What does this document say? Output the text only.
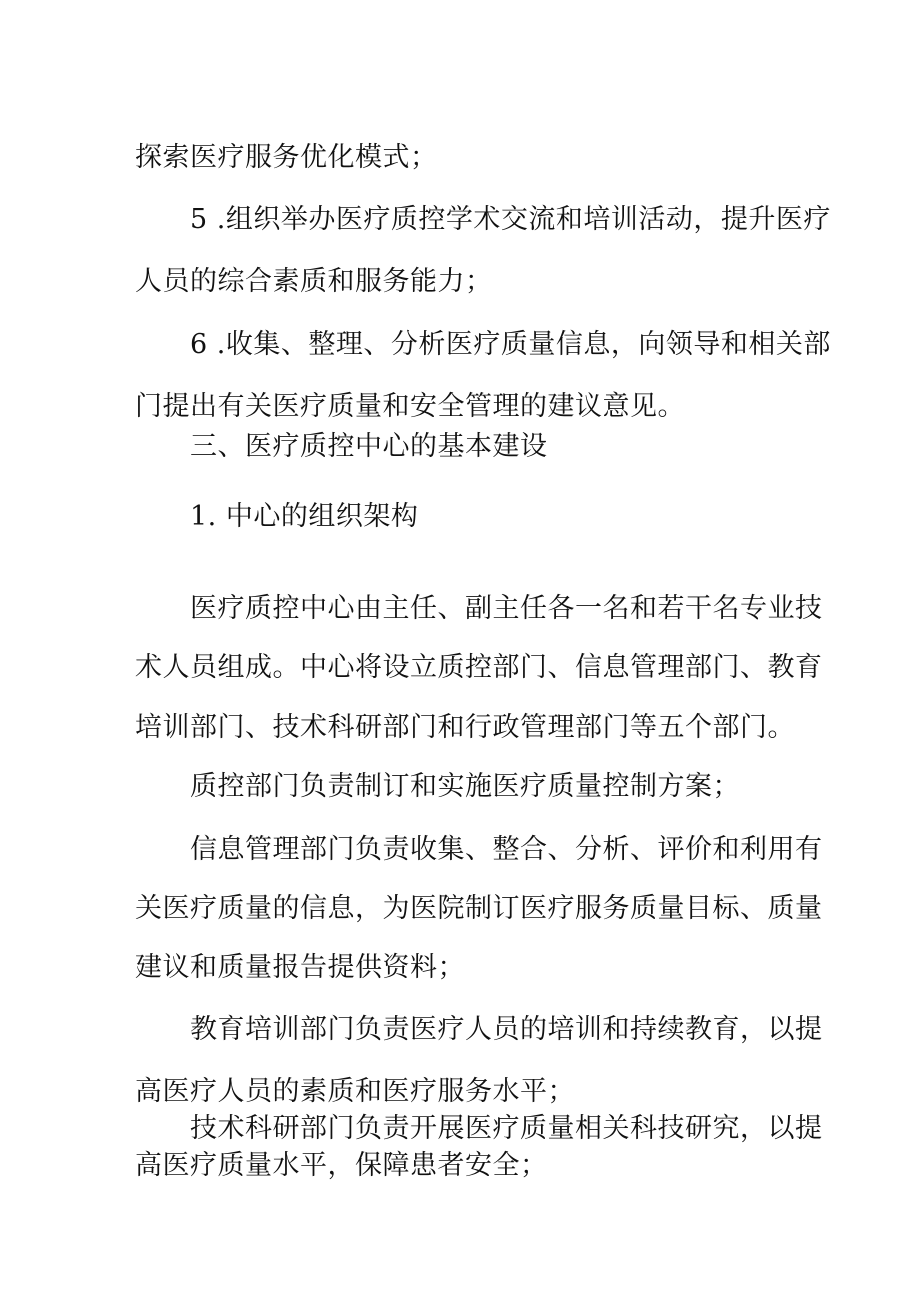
探索医疗服务优化模式；
5 .组织举办医疗质控学术交流和培训活动，提升医疗
人员的综合素质和服务能力；
6 .收集、整理、分析医疗质量信息，向领导和相关部
门提出有关医疗质量和安全管理的建议意见。
三、医疗质控中心的基本建设
1. 中心的组织架构
医疗质控中心由主任、副主任各一名和若干名专业技
术人员组成。中心将设立质控部门、信息管理部门、教育
培训部门、技术科研部门和行政管理部门等五个部门。
质控部门负责制订和实施医疗质量控制方案；
信息管理部门负责收集、整合、分析、评价和利用有
关医疗质量的信息，为医院制订医疗服务质量目标、质量
建议和质量报告提供资料；
教育培训部门负责医疗人员的培训和持续教育，以提
高医疗人员的素质和医疗服务水平；
技术科研部门负责开展医疗质量相关科技研究，以提
高医疗质量水平，保障患者安全；
